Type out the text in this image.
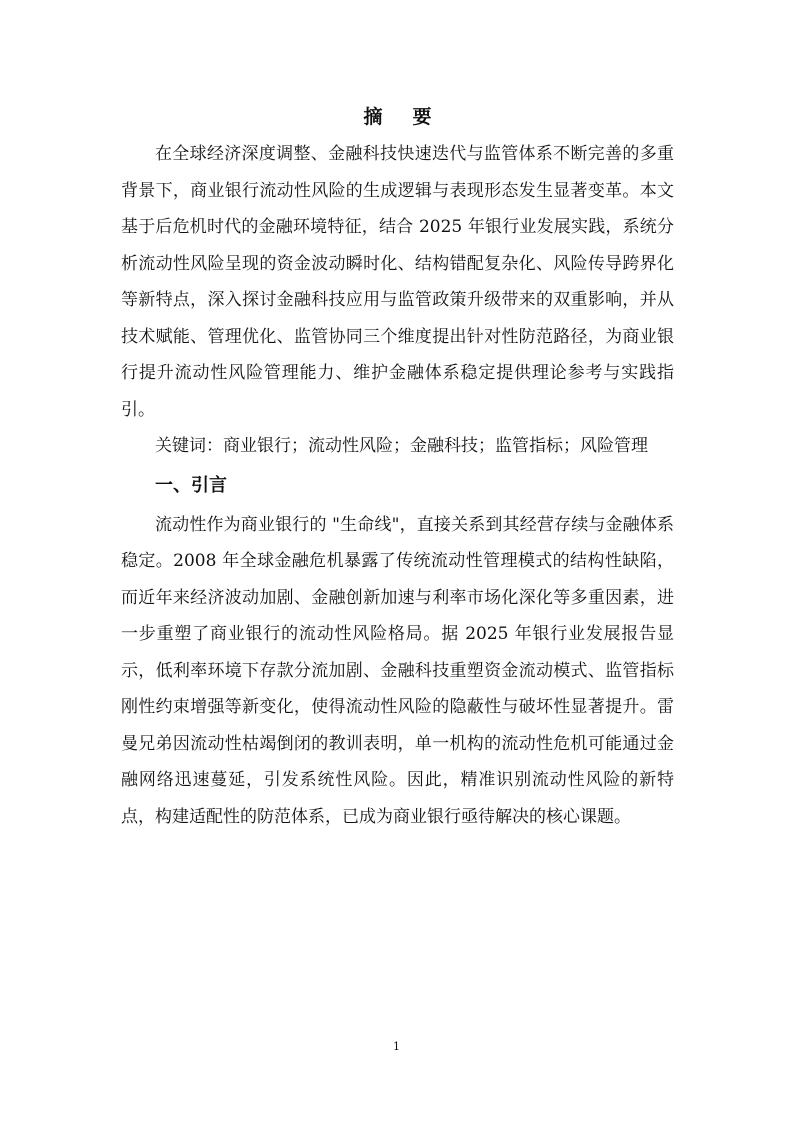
摘 要

在全球经济深度调整、金融科技快速迭代与监管体系不断完善的多重背景下，商业银行流动性风险的生成逻辑与表现形态发生显著变革。本文基于后危机时代的金融环境特征，结合 2025 年银行业发展实践，系统分析流动性风险呈现的资金波动瞬时化、结构错配复杂化、风险传导跨界化等新特点，深入探讨金融科技应用与监管政策升级带来的双重影响，并从技术赋能、管理优化、监管协同三个维度提出针对性防范路径，为商业银行提升流动性风险管理能力、维护金融体系稳定提供理论参考与实践指引。

关键词：商业银行；流动性风险；金融科技；监管指标；风险管理

一、引言

流动性作为商业银行的 "生命线"，直接关系到其经营存续与金融体系稳定。2008 年全球金融危机暴露了传统流动性管理模式的结构性缺陷，而近年来经济波动加剧、金融创新加速与利率市场化深化等多重因素，进一步重塑了商业银行的流动性风险格局。据 2025 年银行业发展报告显示，低利率环境下存款分流加剧、金融科技重塑资金流动模式、监管指标刚性约束增强等新变化，使得流动性风险的隐蔽性与破坏性显著提升。雷曼兄弟因流动性枯竭倒闭的教训表明，单一机构的流动性危机可能通过金融网络迅速蔓延，引发系统性风险。因此，精准识别流动性风险的新特点，构建适配性的防范体系，已成为商业银行亟待解决的核心课题。

1
